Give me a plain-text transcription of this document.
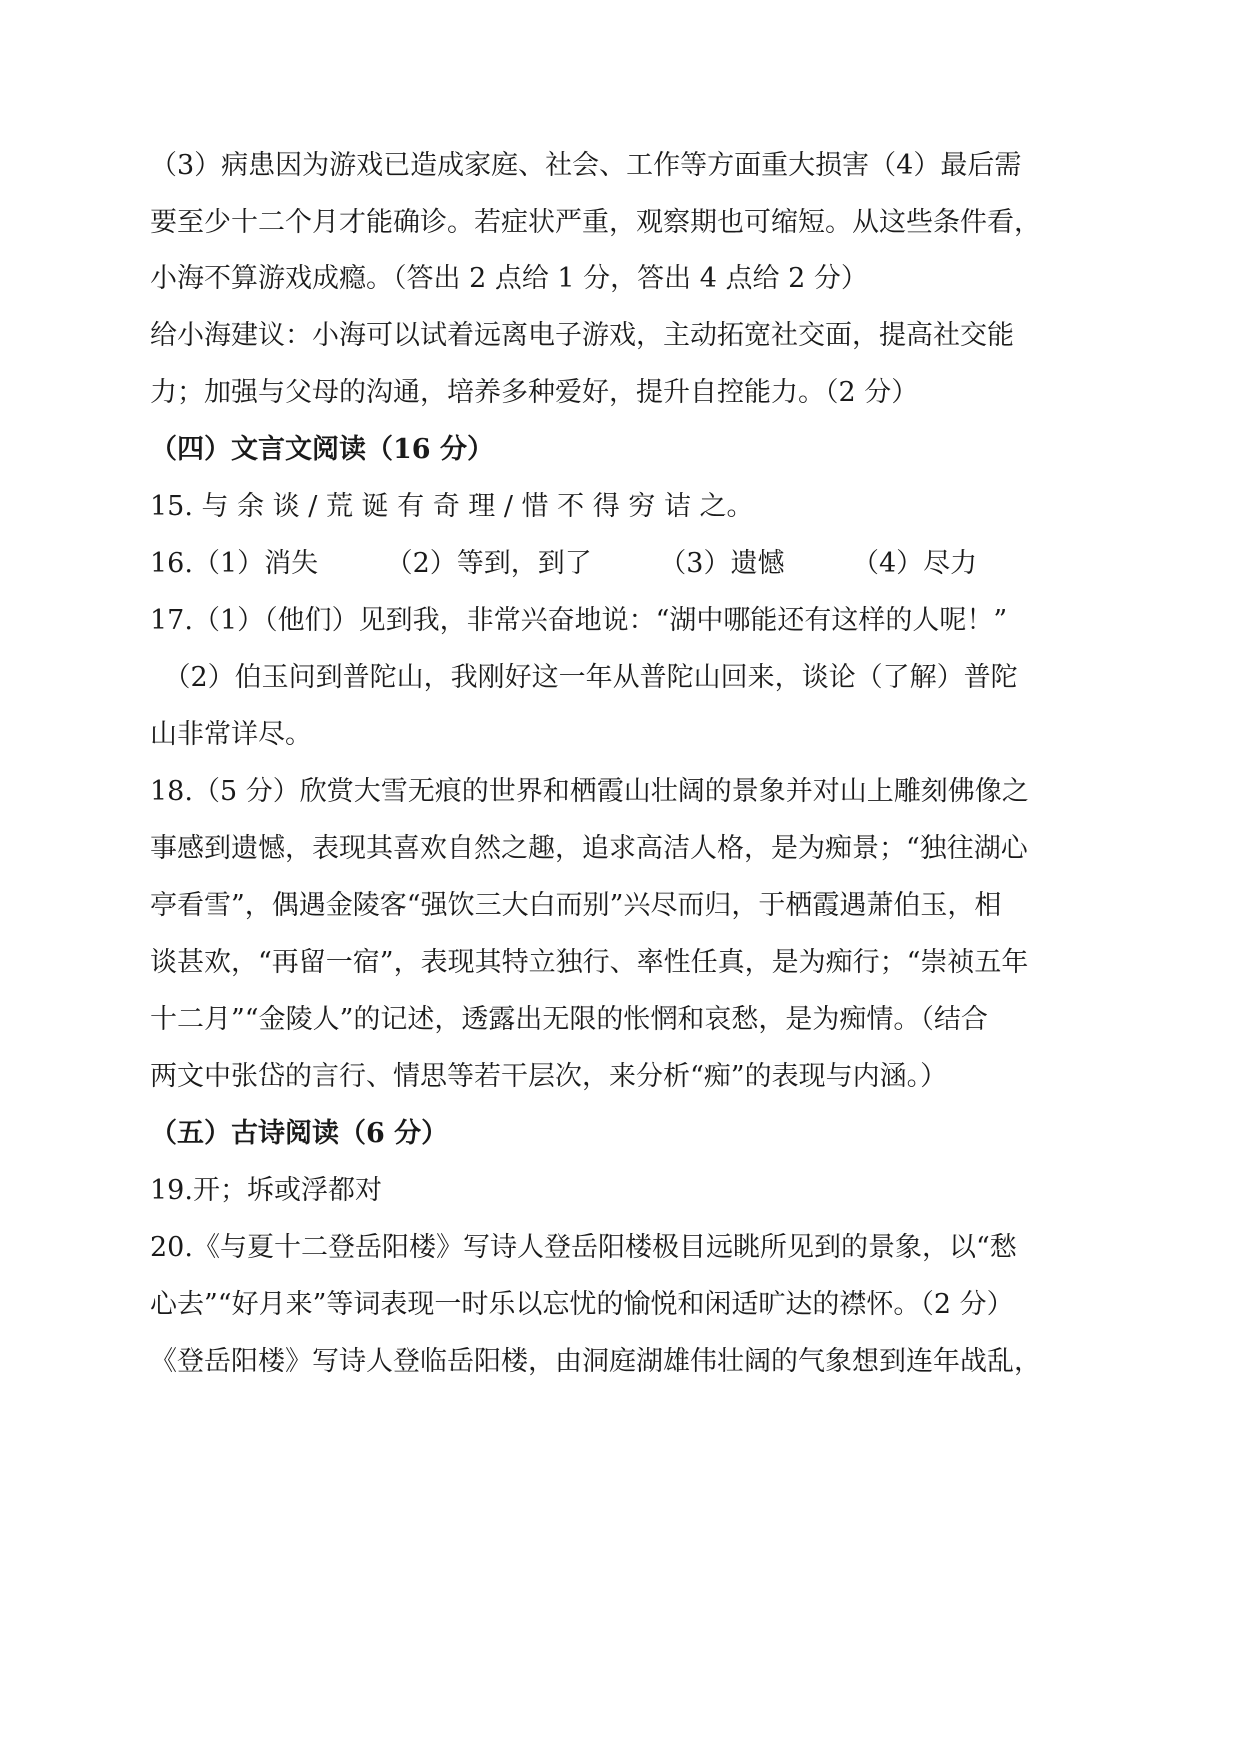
（3）病患因为游戏已造成家庭、社会、工作等方面重大损害（4）最后需
要至少十二个月才能确诊。若症状严重，观察期也可缩短。从这些条件看，
小海不算游戏成瘾。（答出 2 点给 1 分，答出 4 点给 2 分）
给小海建议：小海可以试着远离电子游戏，主动拓宽社交面，提高社交能
力；加强与父母的沟通，培养多种爱好，提升自控能力。（2 分）
（四）文言文阅读（16 分）
15. 与 余 谈 / 荒 诞 有 奇 理 / 惜 不 得 穷 诘 之。
16.（1）消失　　　（2）等到，到了　　　（3）遗憾　　　（4）尽力
17.（1）（他们）见到我，非常兴奋地说：“湖中哪能还有这样的人呢！”
　（2）伯玉问到普陀山，我刚好这一年从普陀山回来，谈论（了解）普陀
山非常详尽。
18.（5 分）欣赏大雪无痕的世界和栖霞山壮阔的景象并对山上雕刻佛像之
事感到遗憾，表现其喜欢自然之趣，追求高洁人格，是为痴景；“独往湖心
亭看雪”，偶遇金陵客“强饮三大白而别”兴尽而归，于栖霞遇萧伯玉，相
谈甚欢，“再留一宿”，表现其特立独行、率性任真，是为痴行；“崇祯五年
十二月”“金陵人”的记述，透露出无限的怅惘和哀愁，是为痴情。（结合
两文中张岱的言行、情思等若干层次，来分析“痴”的表现与内涵。）
（五）古诗阅读（6 分）
19.开；坼或浮都对
20.《与夏十二登岳阳楼》写诗人登岳阳楼极目远眺所见到的景象，以“愁
心去”“好月来”等词表现一时乐以忘忧的愉悦和闲适旷达的襟怀。（2 分）
《登岳阳楼》写诗人登临岳阳楼，由洞庭湖雄伟壮阔的气象想到连年战乱，
